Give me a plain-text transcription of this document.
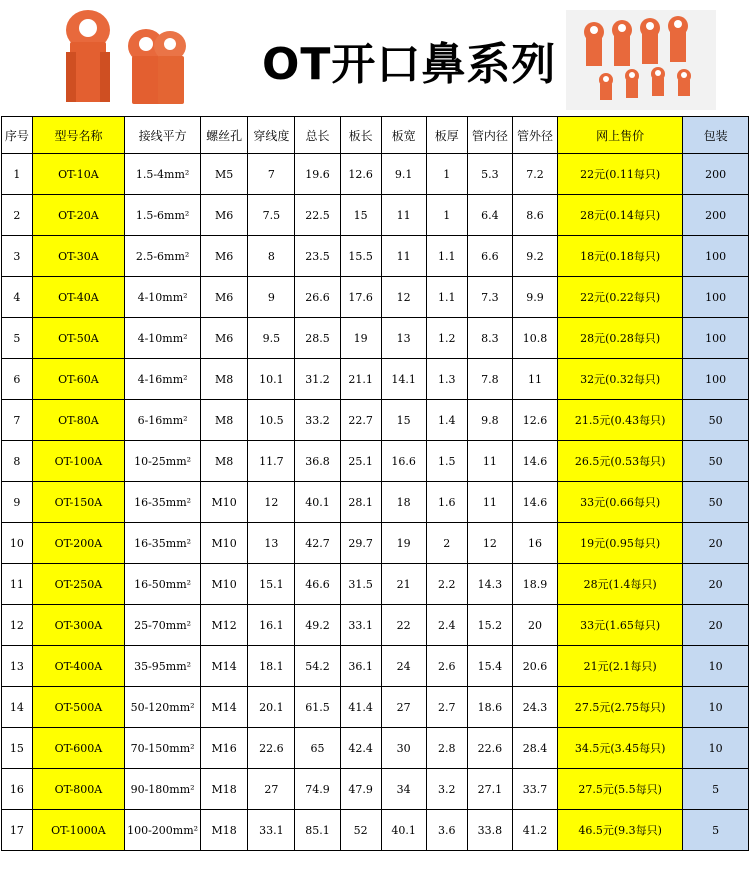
OT开口鼻系列
序号	型号名称	接线平方	螺丝孔	穿线度	总长	板长	板宽	板厚	管内径	管外径	网上售价	包装
1	OT-10A	1.5-4mm²	M5	7	19.6	12.6	9.1	1	5.3	7.2	22元(0.11每只)	200
2	OT-20A	1.5-6mm²	M6	7.5	22.5	15	11	1	6.4	8.6	28元(0.14每只)	200
3	OT-30A	2.5-6mm²	M6	8	23.5	15.5	11	1.1	6.6	9.2	18元(0.18每只)	100
4	OT-40A	4-10mm²	M6	9	26.6	17.6	12	1.1	7.3	9.9	22元(0.22每只)	100
5	OT-50A	4-10mm²	M6	9.5	28.5	19	13	1.2	8.3	10.8	28元(0.28每只)	100
6	OT-60A	4-16mm²	M8	10.1	31.2	21.1	14.1	1.3	7.8	11	32元(0.32每只)	100
7	OT-80A	6-16mm²	M8	10.5	33.2	22.7	15	1.4	9.8	12.6	21.5元(0.43每只)	50
8	OT-100A	10-25mm²	M8	11.7	36.8	25.1	16.6	1.5	11	14.6	26.5元(0.53每只)	50
9	OT-150A	16-35mm²	M10	12	40.1	28.1	18	1.6	11	14.6	33元(0.66每只)	50
10	OT-200A	16-35mm²	M10	13	42.7	29.7	19	2	12	16	19元(0.95每只)	20
11	OT-250A	16-50mm²	M10	15.1	46.6	31.5	21	2.2	14.3	18.9	28元(1.4每只)	20
12	OT-300A	25-70mm²	M12	16.1	49.2	33.1	22	2.4	15.2	20	33元(1.65每只)	20
13	OT-400A	35-95mm²	M14	18.1	54.2	36.1	24	2.6	15.4	20.6	21元(2.1每只)	10
14	OT-500A	50-120mm²	M14	20.1	61.5	41.4	27	2.7	18.6	24.3	27.5元(2.75每只)	10
15	OT-600A	70-150mm²	M16	22.6	65	42.4	30	2.8	22.6	28.4	34.5元(3.45每只)	10
16	OT-800A	90-180mm²	M18	27	74.9	47.9	34	3.2	27.1	33.7	27.5元(5.5每只)	5
17	OT-1000A	100-200mm²	M18	33.1	85.1	52	40.1	3.6	33.8	41.2	46.5元(9.3每只)	5
